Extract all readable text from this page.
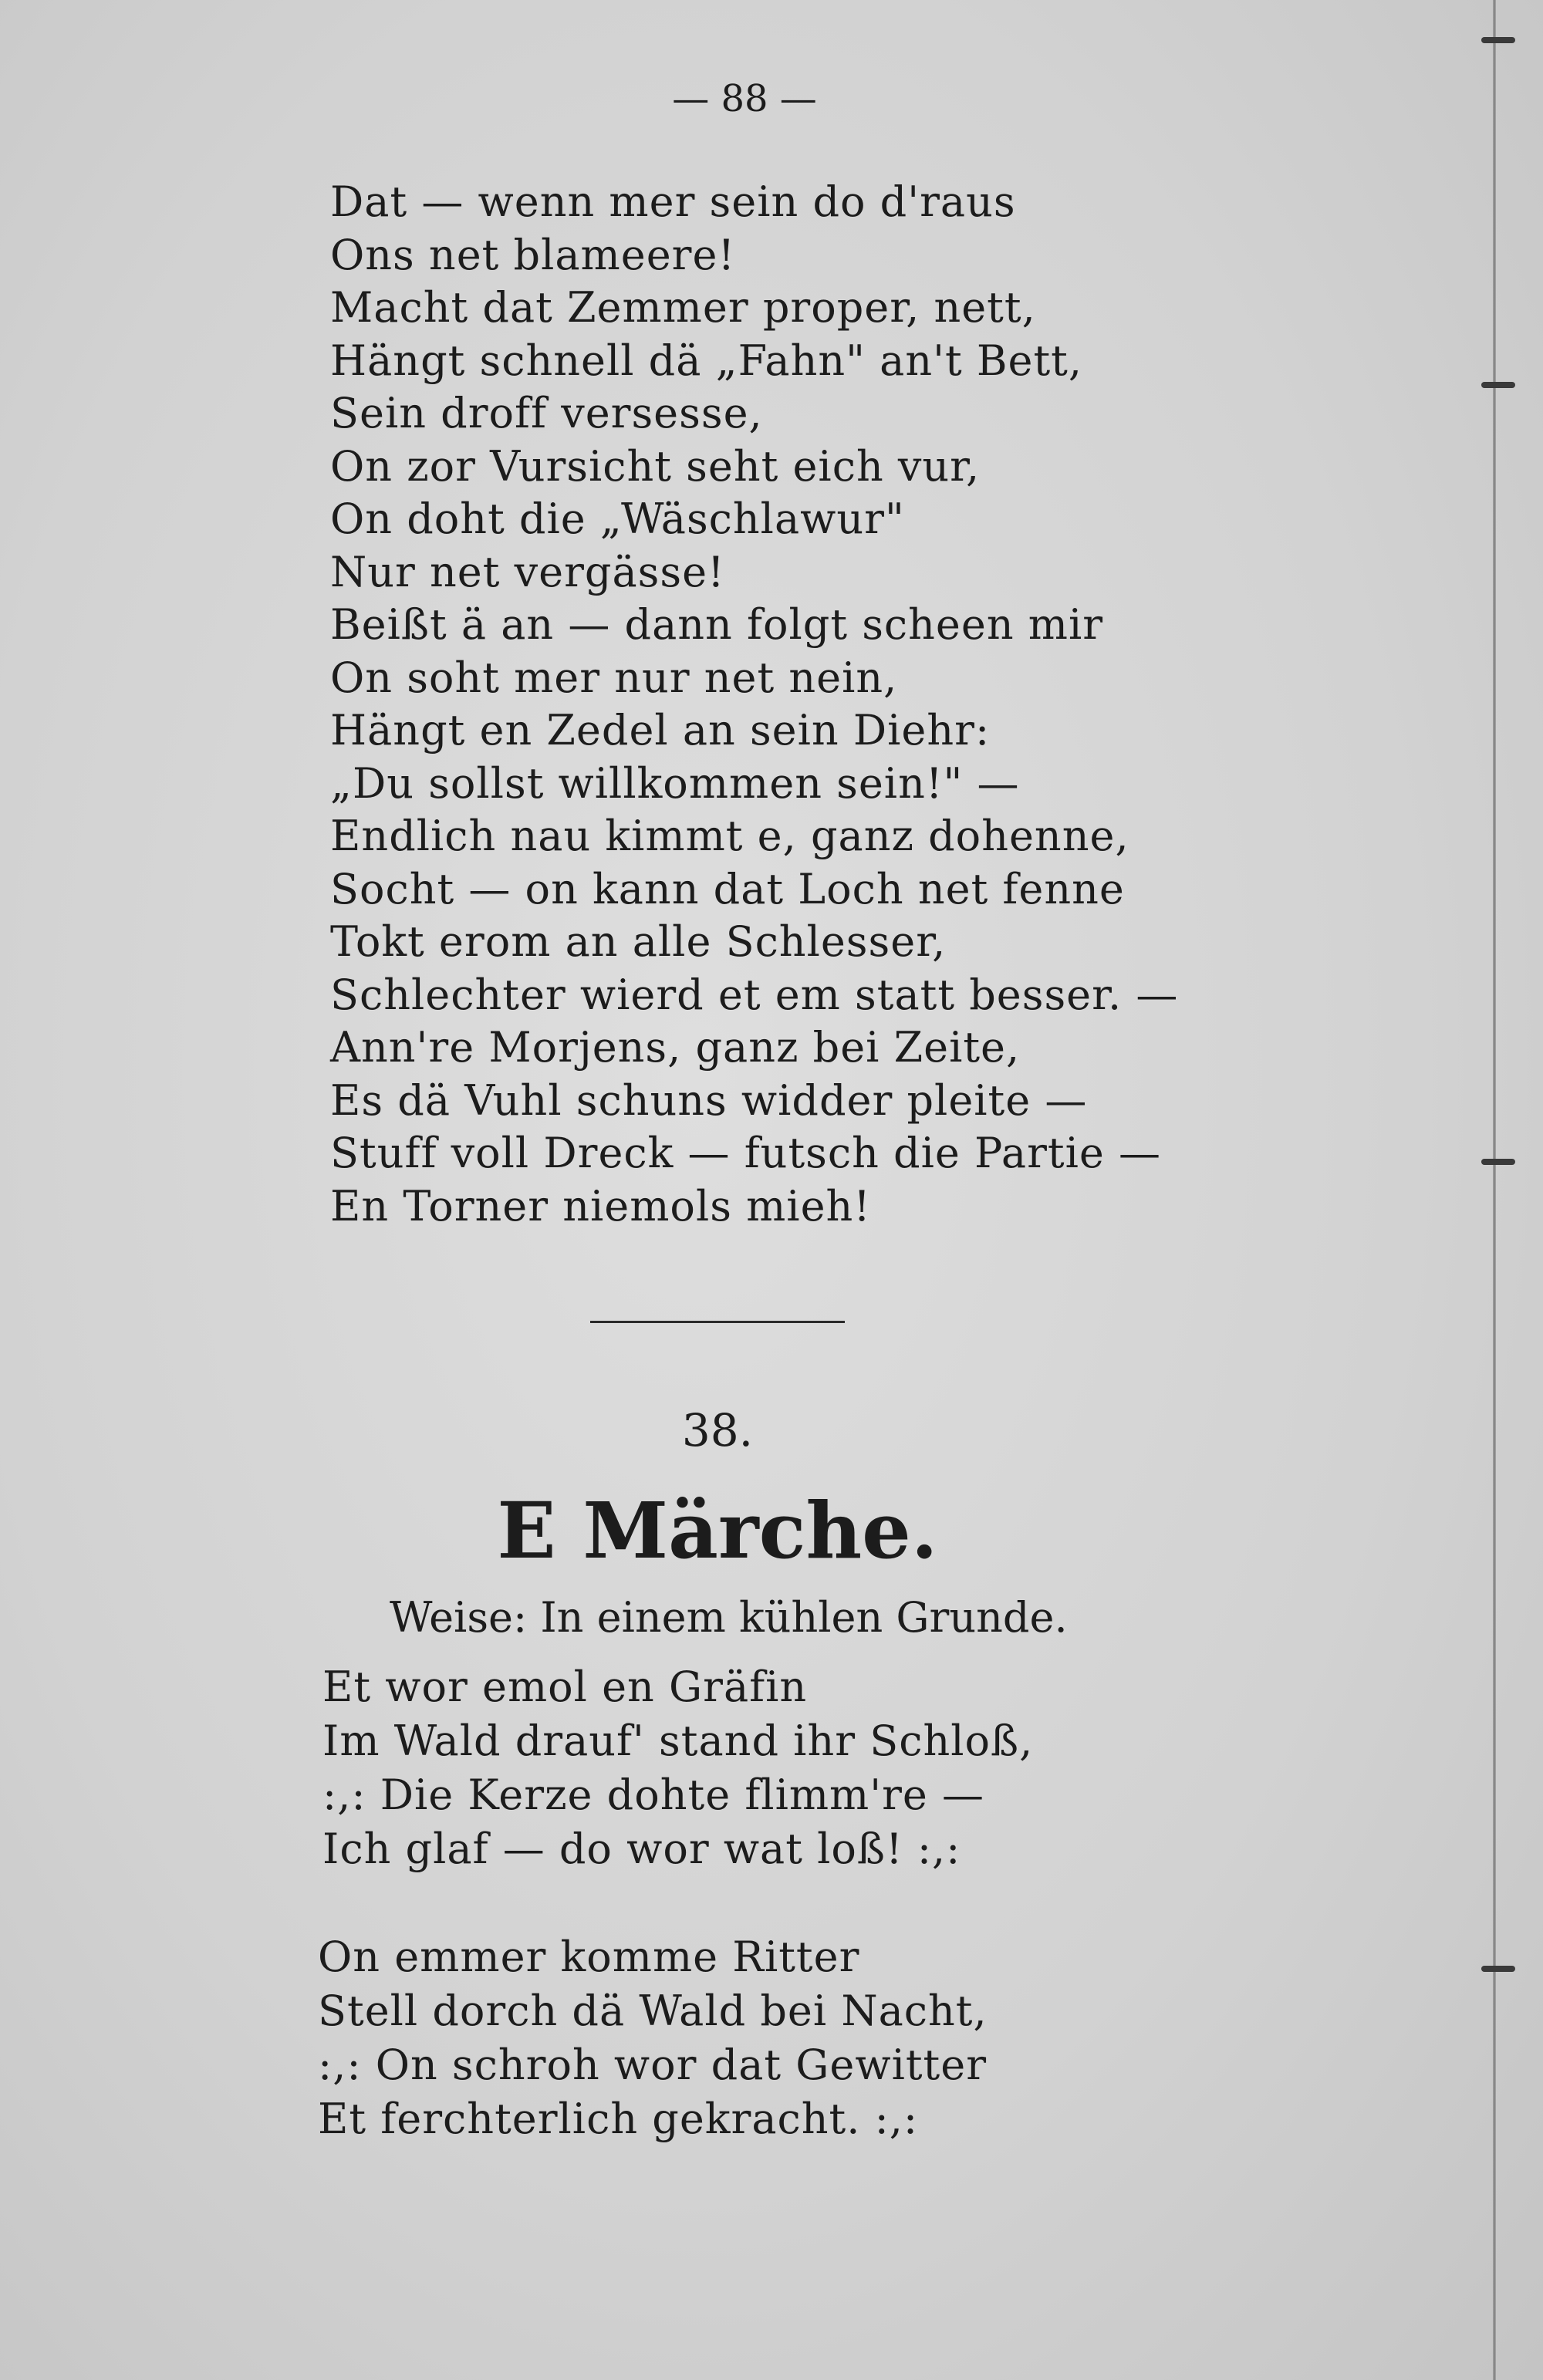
— 88 —
Dat — wenn mer sein do d'raus
Ons net blameere!
Macht dat Zemmer proper, nett,
Hängt schnell dä „Fahn" an't Bett,
Sein droff versesse,
On zor Vursicht seht eich vur,
On doht die „Wäschlawur"
Nur net vergässe!
Beißt ä an — dann folgt scheen mir
On soht mer nur net nein,
Hängt en Zedel an sein Diehr:
„Du sollst willkommen sein!" —
Endlich nau kimmt e, ganz dohenne,
Socht — on kann dat Loch net fenne
Tokt erom an alle Schlesser,
Schlechter wierd et em statt besser. —
Ann're Morjens, ganz bei Zeite,
Es dä Vuhl schuns widder pleite —
Stuff voll Dreck — futsch die Partie —
En Torner niemols mieh!
38.
E Märche.
Weise: In einem kühlen Grunde.
Et wor emol en Gräfin
Im Wald drauf' stand ihr Schloß,
:,: Die Kerze dohte flimm're —
Ich glaf — do wor wat loß! :,:
On emmer komme Ritter
Stell dorch dä Wald bei Nacht,
:,: On schroh wor dat Gewitter
Et ferchterlich gekracht. :,:
